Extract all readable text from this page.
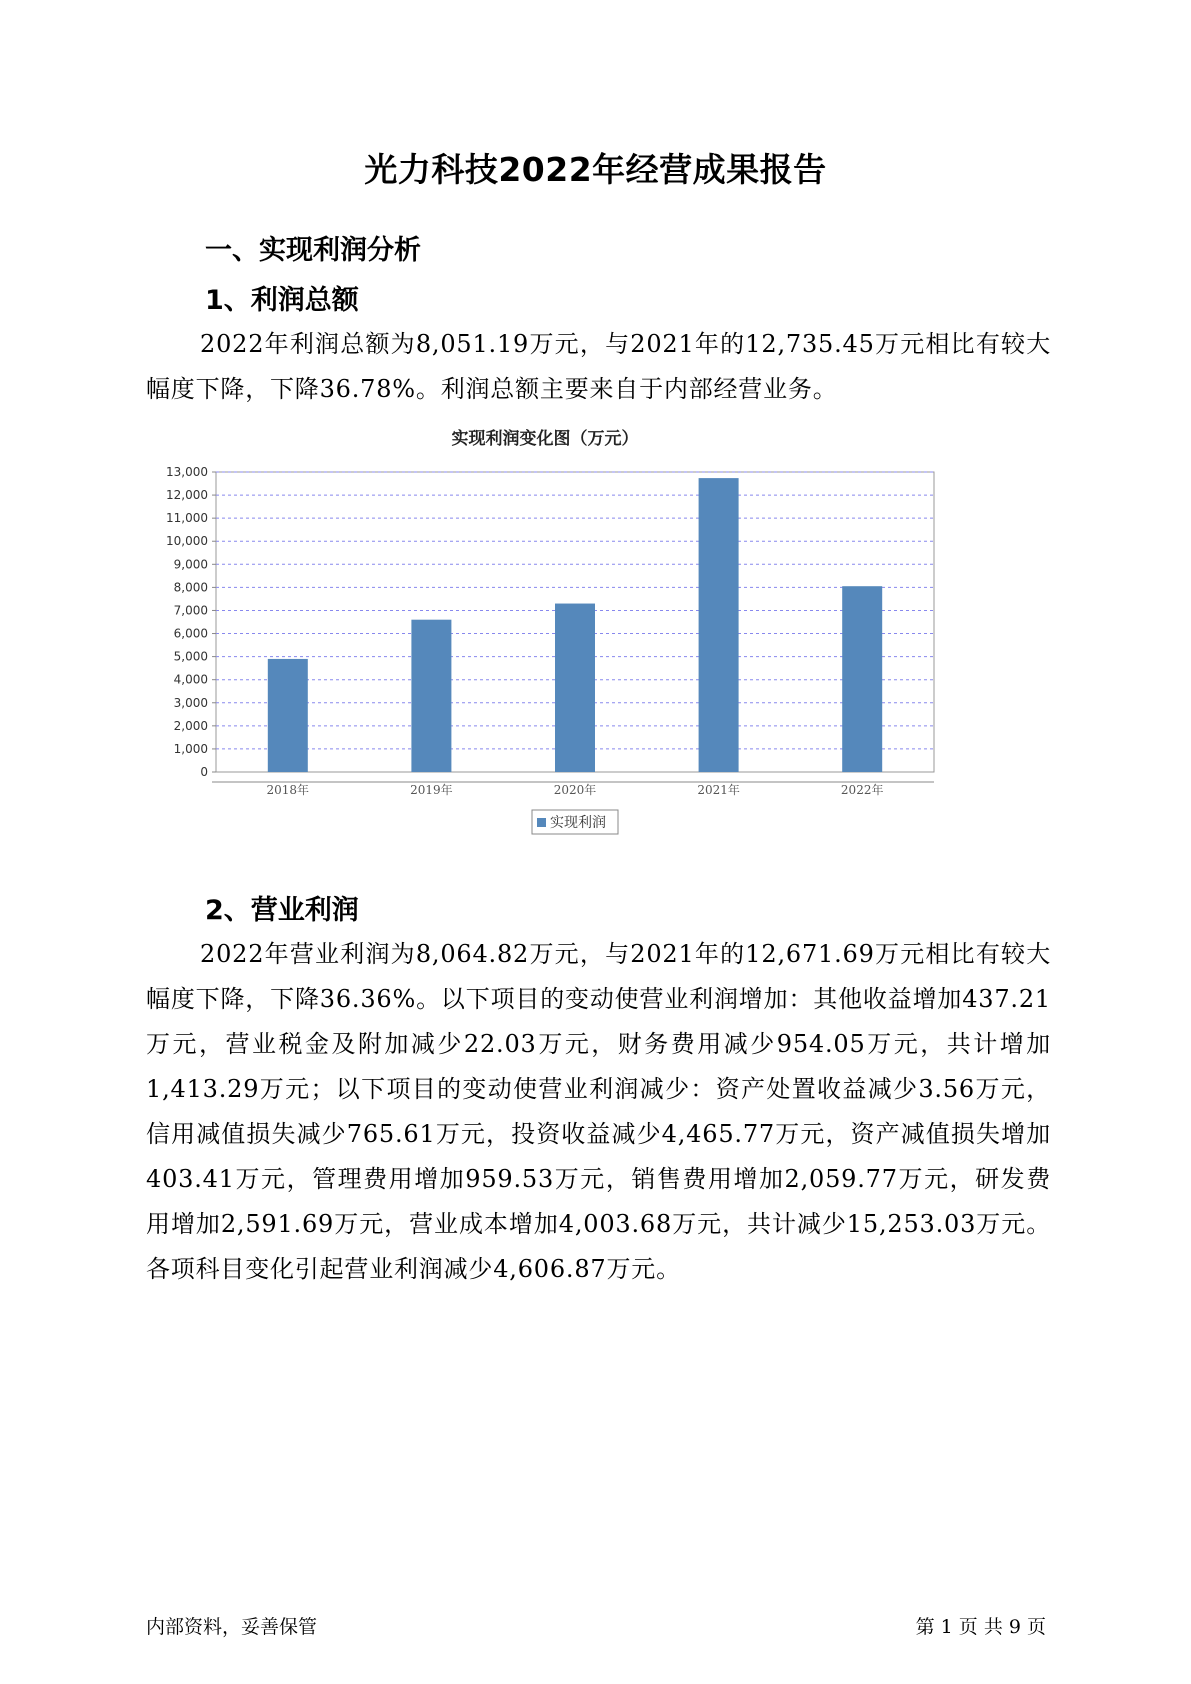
光力科技2022年经营成果报告
一、实现利润分析
1、利润总额

2022年利润总额为8,051.19万元，与2021年的12,735.45万元相比有较大幅度下降，下降36.78%。利润总额主要来自于内部经营业务。

实现利润变化图（万元）
0
1,000
2,000
3,000
4,000
5,000
6,000
7,000
8,000
9,000
10,000
11,000
12,000
13,000
2018年	2019年	2020年	2021年	2022年
实现利润
2、营业利润

2022年营业利润为8,064.82万元，与2021年的12,671.69万元相比有较大幅度下降，下降36.36%。以下项目的变动使营业利润增加：其他收益增加437.21万元，营业税金及附加减少22.03万元，财务费用减少954.05万元，共计增加1,413.29万元；以下项目的变动使营业利润减少：资产处置收益减少3.56万元，信用减值损失减少765.61万元，投资收益减少4,465.77万元，资产减值损失增加403.41万元，管理费用增加959.53万元，销售费用增加2,059.77万元，研发费用增加2,591.69万元，营业成本增加4,003.68万元，共计减少15,253.03万元。各项科目变化引起营业利润减少4,606.87万元。

内部资料，妥善保管	第 1 页 共 9 页
